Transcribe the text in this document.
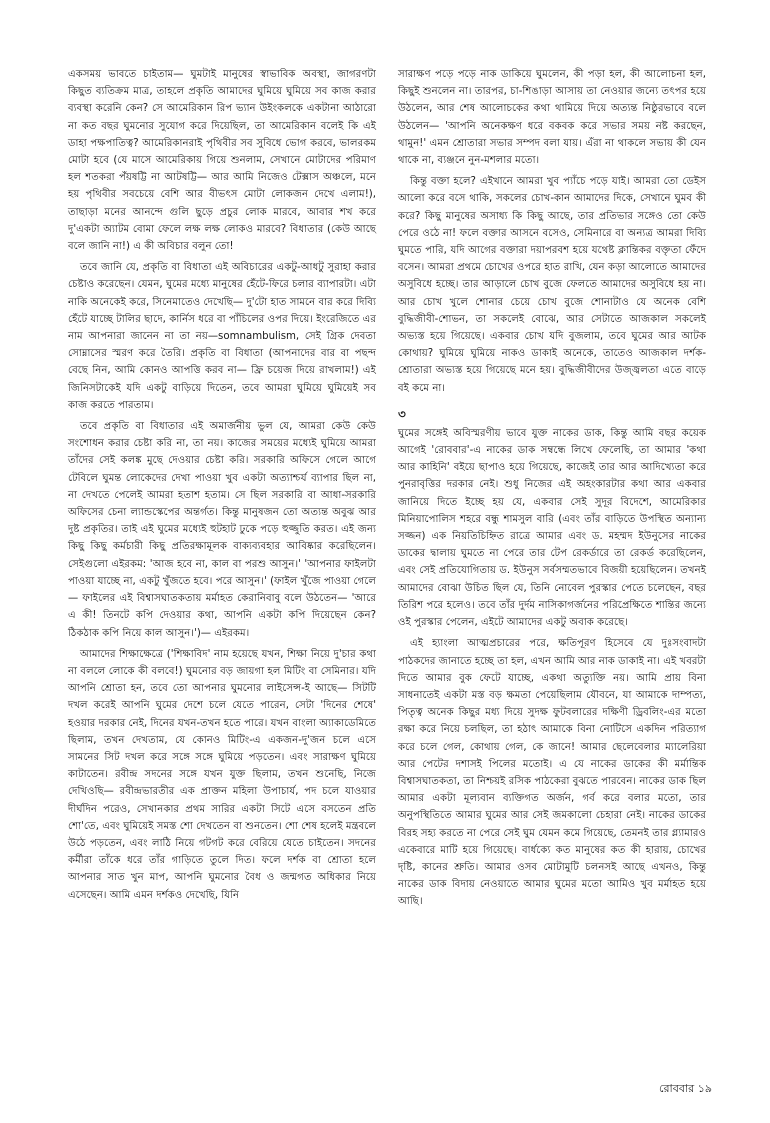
একসময় ভাবতে চাইতাম— ঘুমটাই মানুষের স্বাভাবিক অবস্থা, জাগরণটা কিছুত ব্যতিক্রম মাত্র, তাহলে প্রকৃতি আমাদের ঘুমিয়ে ঘুমিয়ে সব কাজ করার ব্যবস্থা করেনি কেন? সে আমেরিকান রিপ ভ্যান উইংকলকে একটানা আঠারো না কত বছর ঘুমনোর সুযোগ করে দিয়েছিল, তা আমেরিকান বলেই কি এই ডাহা পক্ষপাতিত্ব? আমেরিকানরাই পৃথিবীর সব সুবিধে ভোগ করবে, ভালরকম মোটা হবে (যে মাসে আমেরিকায় গিয়ে শুনলাম, সেখানে মোটাদের পরিমাণ হল শতকরা পঁয়ষট্টি না আটষট্টি— আর আমি নিজেও টেক্সাস অঞ্চলে, মনে হয় পৃথিবীর সবচেয়ে বেশি আর বীভৎস মোটা লোকজন দেখে এলাম!), তাছাড়া মনের আনন্দে গুলি ছুড়ে প্রচুর লোক মারবে, আবার শখ করে দু'একটা অ্যাটম বোমা ফেলে লক্ষ লক্ষ লোকও মারবে? বিধাতার (কেউ আছে বলে জানি না!) এ কী অবিচার বলুন তো!

তবে জানি যে, প্রকৃতি বা বিধাতা এই অবিচারের একটু-আধটু সুরাহা করার চেষ্টাও করেছেন। যেমন, ঘুমের মধ্যে মানুষের হেঁটে-ফিরে চলার ব্যাপারটা। এটা নাকি অনেকেই করে, সিনেমাতেও দেখেছি— দু'টো হাত সামনে বার করে দিব্যি হেঁটে যাচ্ছে টালির ছাদে, কার্নিস ধরে বা পাঁচিলের ওপর দিয়ে। ইংরেজিতে এর নাম আপনারা জানেন না তা নয়—somnambulism, সেই গ্রিক দেবতা সোম্নাসের স্মরণ করে তৈরি। প্রকৃতি বা বিধাতা (আপনাদের বার বা পছন্দ বেছে নিন, আমি কোনও আপত্তি করব না— ফ্রি চয়েজ দিয়ে রাখলাম!) এই জিনিসটাকেই যদি একটু বাড়িয়ে দিতেন, তবে আমরা ঘুমিয়ে ঘুমিয়েই সব কাজ করতে পারতাম।

তবে প্রকৃতি বা বিধাতার এই অমার্জনীয় ভুল যে, আমরা কেউ কেউ সংশোধন করার চেষ্টা করি না, তা নয়। কাজের সময়ের মধ্যেই ঘুমিয়ে আমরা তাঁদের সেই কলঙ্ক মুছে দেওয়ার চেষ্টা করি। সরকারি অফিসে গেলে আগে টেবিলে ঘুমন্ত লোকেদের দেখা পাওয়া খুব একটা অত্যাশ্চর্য ব্যাপার ছিল না, না দেখতে পেলেই আমরা হতাশ হতাম। সে ছিল সরকারি বা আধা-সরকারি অফিসের চেনা ল্যান্ডস্কেপের অন্তর্গত। কিন্তু মানুষজন তো অত্যন্ত অবুঝ আর দুষ্ট প্রকৃতির। তাই এই ঘুমের মধ্যেই হুটহাট ঢুকে পড়ে হুজ্জুতি করত। এই জন্য কিছু কিছু কর্মচারী কিছু প্রতিরক্ষামূলক বাক্যব্যবহার আবিষ্কার করেছিলেন। সেইগুলো এইরকম: 'আজ হবে না, কাল বা পরশু আসুন।' 'আপনার ফাইলটা পাওয়া যাচ্ছে না, একটু খুঁজতে হবে। পরে আসুন।' (ফাইল খুঁজে পাওয়া গেলে— ফাইলের এই বিশ্বাসঘাতকতায় মর্মাহত কেরানিবাবু বলে উঠতেন— 'আরে এ কী! তিনটে কপি দেওয়ার কথা, আপনি একটা কপি দিয়েছেন কেন? ঠিকঠাক কপি নিয়ে কাল আসুন।')— এইরকম।

আমাদের শিক্ষাক্ষেত্রে ('শিক্ষাবিদ' নাম হয়েছে যখন, শিক্ষা নিয়ে দু'চার কথা না বললে লোকে কী বলবে!) ঘুমনোর বড় জায়গা হল মিটিং বা সেমিনার। যদি আপনি শ্রোতা হন, তবে তো আপনার ঘুমনোর লাইসেন্স-ই আছে— সিটটি দখল করেই আপনি ঘুমের দেশে চলে যেতে পারেন, সেটা 'দিনের শেষে' হওয়ার দরকার নেই, দিনের যখন-তখন হতে পারে। যখন বাংলা অ্যাকাডেমিতে ছিলাম, তখন দেখতাম, যে কোনও মিটিং-এ একজন-দু'জন চলে এসে সামনের সিট দখল করে সঙ্গে সঙ্গে ঘুমিয়ে পড়তেন। এবং সারাক্ষণ ঘুমিয়ে কাটাতেন। রবীন্দ্র সদনের সঙ্গে যখন যুক্ত ছিলাম, তখন শুনেছি, নিজে দেখিওছি— রবীন্দ্রভারতীর এক প্রাক্তন মহিলা উপাচার্য, পদ চলে যাওয়ার দীর্ঘদিন পরেও, সেখানকার প্রথম সারির একটা সিটে এসে বসতেন প্রতি শো'তে, এবং ঘুমিয়েই সমস্ত শো দেখতেন বা শুনতেন। শো শেষ হলেই মন্ত্রবলে উঠে পড়তেন, এবং লাঠি নিয়ে গটগট করে বেরিয়ে যেতে চাইতেন। সদনের কর্মীরা তাঁকে ধরে তাঁর গাড়িতে তুলে দিত। ফলে দর্শক বা শ্রোতা হলে আপনার সাত খুন মাপ, আপনি ঘুমনোর বৈধ ও জন্মগত অধিকার নিয়ে এসেছেন। আমি এমন দর্শকও দেখেছি, যিনি

সারাক্ষণ পড়ে পড়ে নাক ডাকিয়ে ঘুমলেন, কী পড়া হল, কী আলোচনা হল, কিছুই শুনলেন না। তারপর, চা-শিঙাড়া আসায় তা নেওয়ার জন্যে তৎপর হয়ে উঠলেন, আর শেষ আলোচকের কথা থামিয়ে দিয়ে অত্যন্ত নিষ্ঠুরভাবে বলে উঠলেন— 'আপনি অনেকক্ষণ ধরে বকবক করে সভার সময় নষ্ট করছেন, থামুন!' এমন শ্রোতারা সভার সম্পদ বলা যায়। এঁরা না থাকলে সভায় কী যেন থাকে না, ব্যঞ্জনে নুন-মশলার মতো।

কিন্তু বক্তা হলে? এইখানে আমরা খুব প্যাঁচে পড়ে যাই। আমরা তো ডেইস আলো করে বসে থাকি, সকলের চোখ-কান আমাদের দিকে, সেখানে ঘুমব কী করে? কিছু মানুষের অসাধ্য কি কিছু আছে, তার প্রতিভার সঙ্গেও তো কেউ পেরে ওঠে না! ফলে বক্তার আসনে বসেও, সেমিনারে বা অন্যত্র আমরা দিব্যি ঘুমতে পারি, যদি আগের বক্তারা দয়াপরবশ হয়ে যথেষ্ট ক্লান্তিকর বক্তৃতা ফেঁদে বসেন। আমরা প্রথমে চোখের ওপরে হাত রাখি, যেন কড়া আলোতে আমাদের অসুবিধে হচ্ছে। তার আড়ালে চোখ বুজে ফেলতে আমাদের অসুবিধে হয় না। আর চোখ খুলে শোনার চেয়ে চোখ বুজে শোনাটাও যে অনেক বেশি বুদ্ধিজীবী-শোভন, তা সকলেই বোঝে, আর সেটাতে আজকাল সকলেই অভ্যস্ত হয়ে গিয়েছে। একবার চোখ যদি বুজলাম, তবে ঘুমের আর আটক কোথায়? ঘুমিয়ে ঘুমিয়ে নাকও ডাকাই অনেকে, তাতেও আজকাল দর্শক-শ্রোতারা অভ্যস্ত হয়ে গিয়েছে মনে হয়। বুদ্ধিজীবীদের উজ্জ্বলতা এতে বাড়ে বই কমে না।

৩

ঘুমের সঙ্গেই অবিস্মরণীয় ভাবে যুক্ত নাকের ডাক, কিন্তু আমি বছর কয়েক আগেই 'রোববার'-এ নাকের ডাক সম্বন্ধে লিখে ফেলেছি, তা আমার 'কথা আর কাহিনি' বইয়ে ছাপাও হয়ে গিয়েছে, কাজেই তার আর আদিখ্যেতা করে পুনরাবৃত্তির দরকার নেই। শুধু নিজের এই অহংকারটার কথা আর একবার জানিয়ে দিতে ইচ্ছে হয় যে, একবার সেই সুদূর বিদেশে, আমেরিকার মিনিয়াপোলিস শহরে বন্ধু শামসুল বারি (এবং তাঁর বাড়িতে উপস্থিত অন্যান্য সজ্জন) এক নিয়তিচিহ্নিত রাত্রে আমার এবং ড. মহম্মদ ইউনুসের নাকের ডাকের দ্বালায় ঘুমতে না পেরে তার টেপ রেকর্ডারে তা রেকর্ড করেছিলেন, এবং সেই প্রতিযোগিতায় ড. ইউনুস সর্বসম্মতভাবে বিজয়ী হয়েছিলেন। তখনই আমাদের বোঝা উচিত ছিল যে, তিনি নোবেল পুরস্কার পেতে চলেছেন, বছর তিরিশ পরে হলেও। তবে তাঁর দুর্দম নাসিকাগর্জনের পরিপ্রেক্ষিতে শান্তির জন্যে ওই পুরস্কার পেলেন, এইটে আমাদের একটু অবাক করেছে।

এই হ্যাংলা আত্মপ্রচারের পরে, ক্ষতিপূরণ হিসেবে যে দুঃসংবাদটা পাঠকদের জানাতে হচ্ছে তা হল, এখন আমি আর নাক ডাকাই না। এই খবরটা দিতে আমার বুক ফেটে যাচ্ছে, একথা অত্যুক্তি নয়। আমি প্রায় বিনা সাধনাতেই একটা মস্ত বড় ক্ষমতা পেয়েছিলাম যৌবনে, যা আমাকে দাম্পত্য, পিতৃত্ব অনেক কিছুর মধ্য দিয়ে সুদক্ষ ফুটবলারের দক্ষিণী ড্রিবলিং-এর মতো রক্ষা করে নিয়ে চলছিল, তা হঠাৎ আমাকে বিনা নোটিসে একদিন পরিত্যাগ করে চলে গেল, কোথায় গেল, কে জানে! আমার ছেলেবেলার ম্যালেরিয়া আর পেটের দশাসই পিলের মতোই। এ যে নাকের ডাকের কী মর্মান্তিক বিশ্বাসঘাতকতা, তা নিশ্চয়ই রসিক পাঠকেরা বুঝতে পারবেন। নাকের ডাক ছিল আমার একটা মূল্যবান ব্যক্তিগত অর্জন, গর্ব করে বলার মতো, তার অনুপস্থিতিতে আমার ঘুমের আর সেই জমকালো চেহারা নেই। নাকের ডাকের বিরহ সহ্য করতে না পেরে সেই ঘুম যেমন কমে গিয়েছে, তেমনই তার গ্ল্যামারও একেবারে মাটি হয়ে গিয়েছে। বার্ধক্যে কত মানুষের কত কী হারায়, চোখের দৃষ্টি, কানের শ্রুতি। আমার ওসব মোটামুটি চলনসই আছে এখনও, কিন্তু নাকের ডাক বিদায় নেওয়াতে আমার ঘুমের মতো আমিও খুব মর্মাহত হয়ে আছি।

রোববার ১৯
